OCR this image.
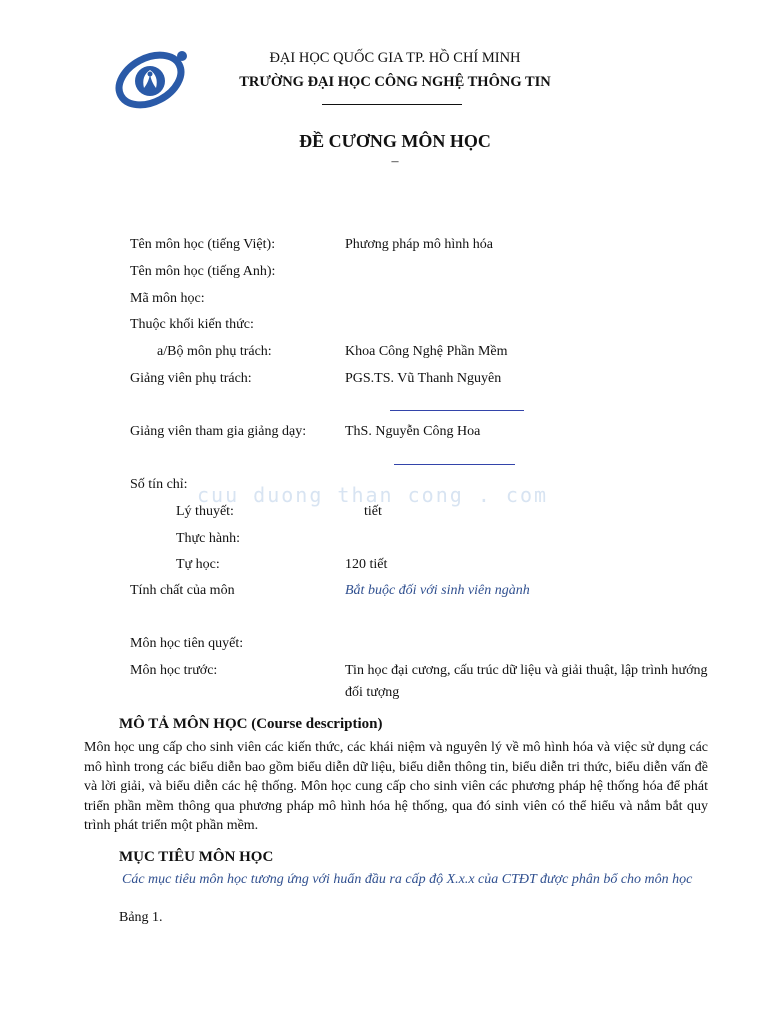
ĐẠI HỌC QUỐC GIA TP. HỒ CHÍ MINH
TRƯỜNG ĐẠI HỌC CÔNG NGHỆ THÔNG TIN
ĐỀ CƯƠNG MÔN HỌC
–
Tên môn học (tiếng Việt):	Phương pháp mô hình hóa
Tên môn học (tiếng Anh):
Mã môn học:
Thuộc khối kiến thức:
a/Bộ môn phụ trách:	Khoa Công Nghệ Phần Mềm
Giảng viên phụ trách:	PGS.TS. Vũ Thanh Nguyên
Giảng viên tham gia giảng dạy:	ThS. Nguyễn Công Hoa
Số tín chỉ: cuu duong than cong . com
Lý thuyết:	tiết
Thực hành:
Tự học:	120 tiết
Tính chất của môn	Bắt buộc đối với sinh viên ngành
Môn học tiên quyết:
Môn học trước:	Tin học đại cương, cấu trúc dữ liệu và giải thuật, lập trình hướng đối tượng
MÔ TẢ MÔN HỌC (Course description)
Môn học ung cấp cho sinh viên các kiến thức, các khái niệm và nguyên lý về mô hình hóa và việc sử dụng các mô hình trong các biểu diễn bao gồm biểu diễn dữ liệu, biểu diễn thông tin, biểu diễn tri thức, biểu diễn vấn đề và lời giải, và biểu diễn các hệ thống. Môn học cung cấp cho sinh viên các phương pháp hệ thống hóa để phát triển phần mềm thông qua phương pháp mô hình hóa hệ thống, qua đó sinh viên có thể hiểu và nắm bắt quy trình phát triển một phần mềm.
MỤC TIÊU MÔN HỌC
Các mục tiêu môn học tương ứng với huẩn đầu ra cấp độ X.x.x của CTĐT được phân bổ cho môn học
Bảng 1.
